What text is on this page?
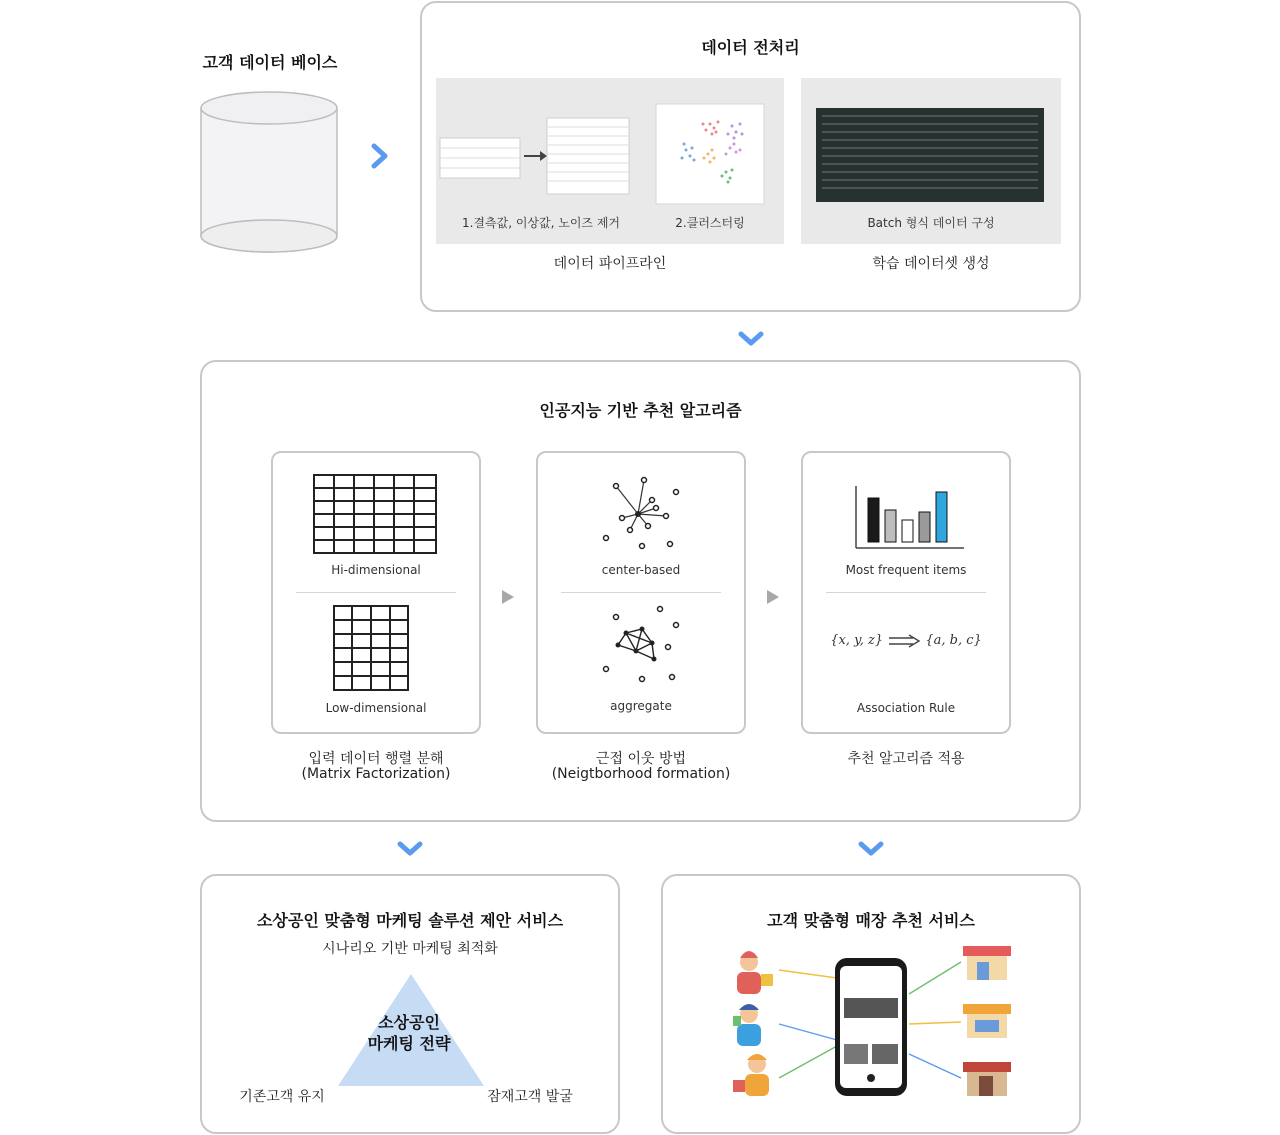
고객 데이터 베이스
데이터 전처리
1.결측값, 이상값, 노이즈 제거	2.클러스터링
데이터 파이프라인
Batch 형식 데이터 구성
학습 데이터셋 생성
인공지능 기반 추천 알고리즘
Hi-dimensional
Low-dimensional
입력 데이터 행렬 분해
(Matrix Factorization)
center-based
aggregate
근접 이웃 방법
(Neigtborhood formation)
Most frequent items
{x, y, z}	{a, b, c}
Association Rule
추천 알고리즘 적용
소상공인 맞춤형 마케팅 솔루션 제안 서비스
시나리오 기반 마케팅 최적화
소상공인
마케팅 전략
기존고객 유지	잠재고객 발굴
고객 맞춤형 매장 추천 서비스
